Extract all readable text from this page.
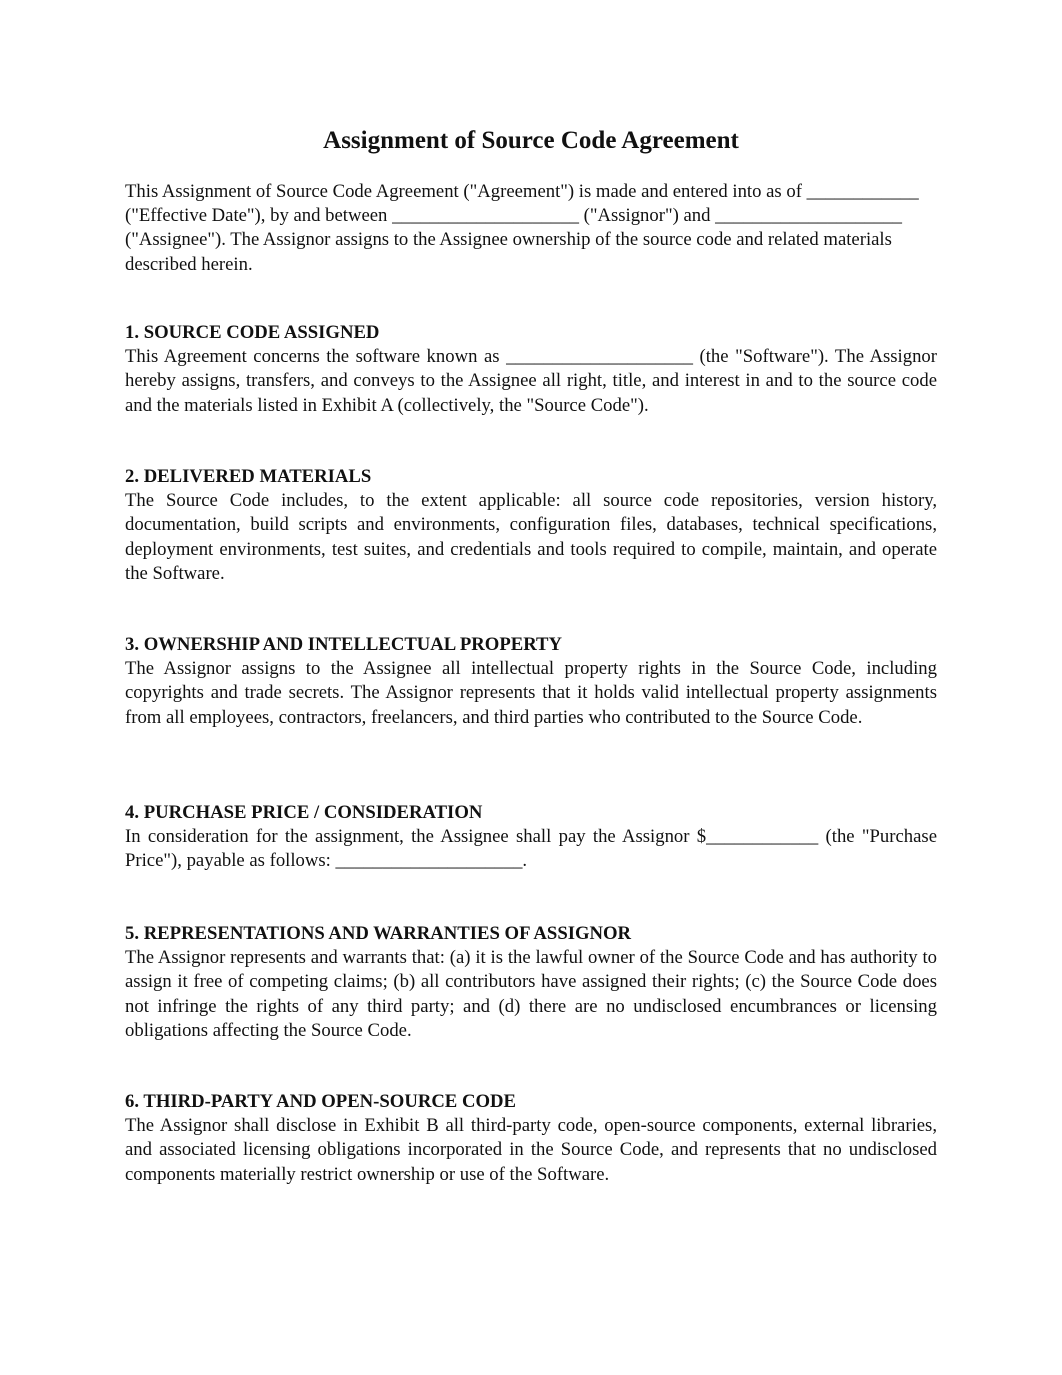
Assignment of Source Code Agreement

This Assignment of Source Code Agreement ("Agreement") is made and entered into as of ____________ ("Effective Date"), by and between ____________________ ("Assignor") and ____________________ ("Assignee"). The Assignor assigns to the Assignee ownership of the source code and related materials described herein.

1. SOURCE CODE ASSIGNED

This Agreement concerns the software known as ____________________ (the "Software"). The Assignor hereby assigns, transfers, and conveys to the Assignee all right, title, and interest in and to the source code and the materials listed in Exhibit A (collectively, the "Source Code").

2. DELIVERED MATERIALS

The Source Code includes, to the extent applicable: all source code repositories, version history, documentation, build scripts and environments, configuration files, databases, technical specifications, deployment environments, test suites, and credentials and tools required to compile, maintain, and operate the Software.

3. OWNERSHIP AND INTELLECTUAL PROPERTY

The Assignor assigns to the Assignee all intellectual property rights in the Source Code, including copyrights and trade secrets. The Assignor represents that it holds valid intellectual property assignments from all employees, contractors, freelancers, and third parties who contributed to the Source Code.

4. PURCHASE PRICE / CONSIDERATION

In consideration for the assignment, the Assignee shall pay the Assignor $____________ (the "Purchase Price"), payable as follows: ____________________.

5. REPRESENTATIONS AND WARRANTIES OF ASSIGNOR

The Assignor represents and warrants that: (a) it is the lawful owner of the Source Code and has authority to assign it free of competing claims; (b) all contributors have assigned their rights; (c) the Source Code does not infringe the rights of any third party; and (d) there are no undisclosed encumbrances or licensing obligations affecting the Source Code.

6. THIRD-PARTY AND OPEN-SOURCE CODE

The Assignor shall disclose in Exhibit B all third-party code, open-source components, external libraries, and associated licensing obligations incorporated in the Source Code, and represents that no undisclosed components materially restrict ownership or use of the Software.
